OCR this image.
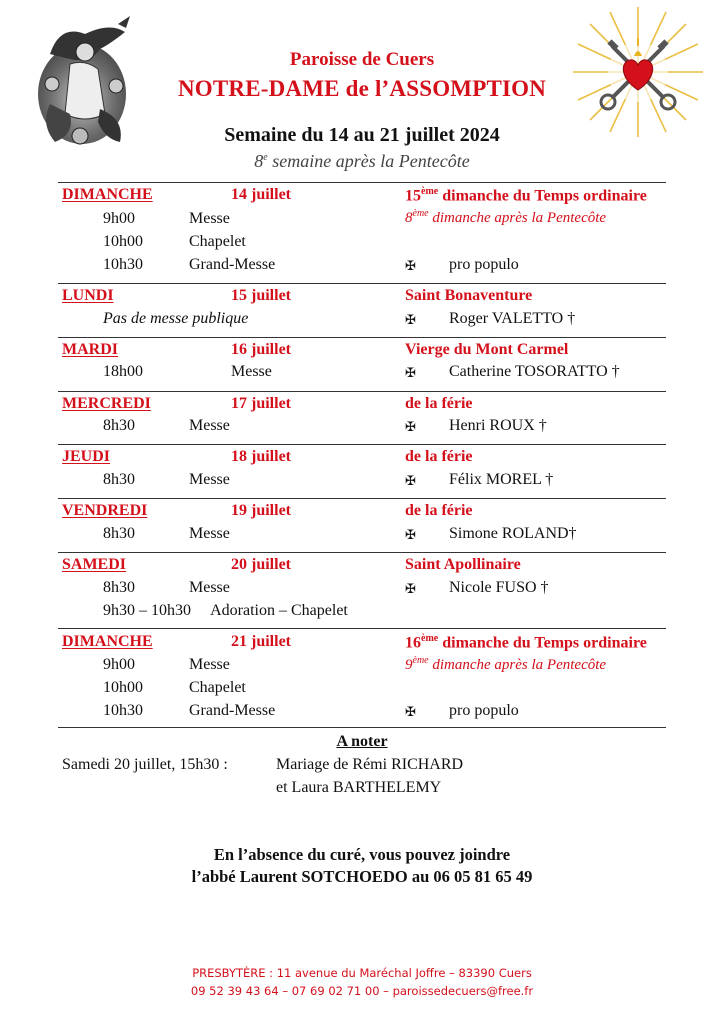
Paroisse de Cuers
NOTRE-DAME de l’ASSOMPTION
Semaine du 14 au 21 juillet 2024
8e semaine après la Pentecôte
DIMANCHE	14 juillet	15ème dimanche du Temps ordinaire
8ème dimanche après la Pentecôte
9h00	Messe
10h00	Chapelet
10h30	Grand-Messe	✠ pro populo
LUNDI	15 juillet	Saint Bonaventure
Pas de messe publique	✠ Roger VALETTO †
MARDI	16 juillet	Vierge du Mont Carmel
18h00	Messe	✠ Catherine TOSORATTO †
MERCREDI	17 juillet	de la férie
8h30	Messe	✠ Henri ROUX †
JEUDI	18 juillet	de la férie
8h30	Messe	✠ Félix MOREL †
VENDREDI	19 juillet	de la férie
8h30	Messe	✠ Simone ROLAND†
SAMEDI	20 juillet	Saint Apollinaire
8h30	Messe	✠ Nicole FUSO †
9h30 – 10h30     Adoration – Chapelet
DIMANCHE	21 juillet	16ème dimanche du Temps ordinaire
9ème dimanche après la Pentecôte
9h00	Messe
10h00	Chapelet
10h30	Grand-Messe	✠ pro populo
A noter
Samedi 20 juillet, 15h30 :	Mariage de Rémi RICHARD
et Laura BARTHELEMY
En l’absence du curé, vous pouvez joindre
l’abbé Laurent SOTCHOEDO au 06 05 81 65 49
PRESBYTÈRE : 11 avenue du Maréchal Joffre – 83390 Cuers
09 52 39 43 64 – 07 69 02 71 00 – paroissedecuers@free.fr
